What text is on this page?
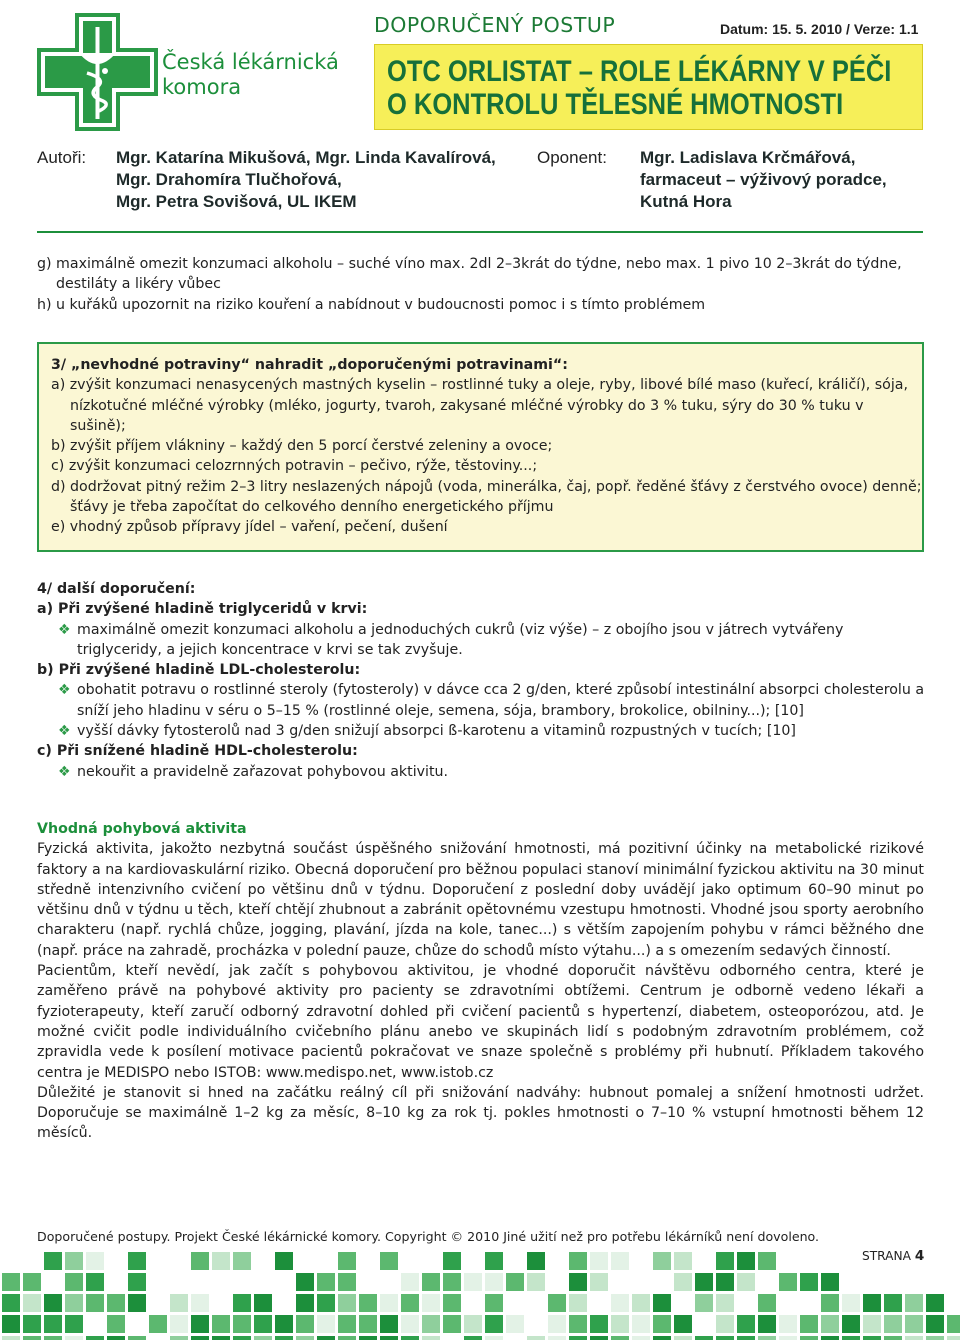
Česká lékárnická komora
DOPORUČENÝ POSTUP	Datum: 15. 5. 2010 / Verze: 1.1
OTC ORLISTAT – ROLE LÉKÁRNY V PÉČI
O KONTROLU TĚLESNÉ HMOTNOSTI
Autoři: Mgr. Katarína Mikušová, Mgr. Linda Kavalírová,
Mgr. Drahomíra Tlučhořová,
Mgr. Petra Sovišová, UL IKEM
Oponent: Mgr. Ladislava Krčmářová,
farmaceut – výživový poradce,
Kutná Hora
g) maximálně omezit konzumaci alkoholu – suché víno max. 2dl 2–3krát do týdne, nebo max. 1 pivo 10 2–3krát do týdne, destiláty a likéry vůbec
h) u kuřáků upozornit na riziko kouření a nabídnout v budoucnosti pomoc i s tímto problémem
3/ „nevhodné potraviny“ nahradit „doporučenými potravinami“:
a) zvýšit konzumaci nenasycených mastných kyselin – rostlinné tuky a oleje, ryby, libové bílé maso (kuřecí, králičí), sója, nízkotučné mléčné výrobky (mléko, jogurty, tvaroh, zakysané mléčné výrobky do 3 % tuku, sýry do 30 % tuku v sušině);
b) zvýšit příjem vlákniny – každý den 5 porcí čerstvé zeleniny a ovoce;
c) zvýšit konzumaci celozrnných potravin – pečivo, rýže, těstoviny...;
d) dodržovat pitný režim 2–3 litry neslazených nápojů (voda, minerálka, čaj, popř. ředěné šťávy z čerstvého ovoce) denně; šťávy je třeba započítat do celkového denního energetického příjmu
e) vhodný způsob přípravy jídel – vaření, pečení, dušení
4/ další doporučení:
a) Při zvýšené hladině triglyceridů v krvi:
❖ maximálně omezit konzumaci alkoholu a jednoduchých cukrů (viz výše) – z obojího jsou v játrech vytvářeny triglyceridy, a jejich koncentrace v krvi se tak zvyšuje.
b) Při zvýšené hladině LDL-cholesterolu:
❖ obohatit potravu o rostlinné steroly (fytosteroly) v dávce cca 2 g/den, které způsobí intestinální absorpci cholesterolu a sníží jeho hladinu v séru o 5–15 % (rostlinné oleje, semena, sója, brambory, brokolice, obilniny...); [10]
❖ vyšší dávky fytosterolů nad 3 g/den snižují absorpci ß-karotenu a vitaminů rozpustných v tucích; [10]
c) Při snížené hladině HDL-cholesterolu:
❖ nekouřit a pravidelně zařazovat pohybovou aktivitu.
Vhodná pohybová aktivita
Fyzická aktivita, jakožto nezbytná součást úspěšného snižování hmotnosti, má pozitivní účinky na metabolické rizikové faktory a na kardiovaskulární riziko. Obecná doporučení pro běžnou populaci stanoví minimální fyzickou aktivitu na 30 minut středně intenzivního cvičení po většinu dnů v týdnu. Doporučení z poslední doby uvádějí jako optimum 60–90 minut po většinu dnů v týdnu u těch, kteří chtějí zhubnout a zabránit opětovnému vzestupu hmotnosti. Vhodné jsou sporty aerobního charakteru (např. rychlá chůze, jogging, plavání, jízda na kole, tanec...) s větším zapojením pohybu v rámci běžného dne (např. práce na zahradě, procházka v polední pauze, chůze do schodů místo výtahu...) a s omezením sedavých činností.
Pacientům, kteří nevědí, jak začít s pohybovou aktivitou, je vhodné doporučit návštěvu odborného centra, které je zaměřeno právě na pohybové aktivity pro pacienty se zdravotními obtížemi. Centrum je odborně vedeno lékaři a fyzioterapeuty, kteří zaručí odborný zdravotní dohled při cvičení pacientů s hypertenzí, diabetem, osteoporózou, atd. Je možné cvičit podle individuálního cvičebního plánu anebo ve skupinách lidí s podobným zdravotním problémem, což zpravidla vede k posílení motivace pacientů pokračovat ve snaze společně s problémy při hubnutí. Příkladem takového centra je MEDISPO nebo ISTOB: www.medispo.net, www.istob.cz
Důležité je stanovit si hned na začátku reálný cíl při snižování nadváhy: hubnout pomalej a snížení hmotnosti udržet. Doporučuje se maximálně 1–2 kg za měsíc, 8–10 kg za rok tj. pokles hmotnosti o 7–10 % vstupní hmotnosti během 12 měsíců.
Doporučené postupy. Projekt České lékárnické komory. Copyright © 2010 Jiné užití než pro potřebu lékárníků není dovoleno.
STRANA 4
